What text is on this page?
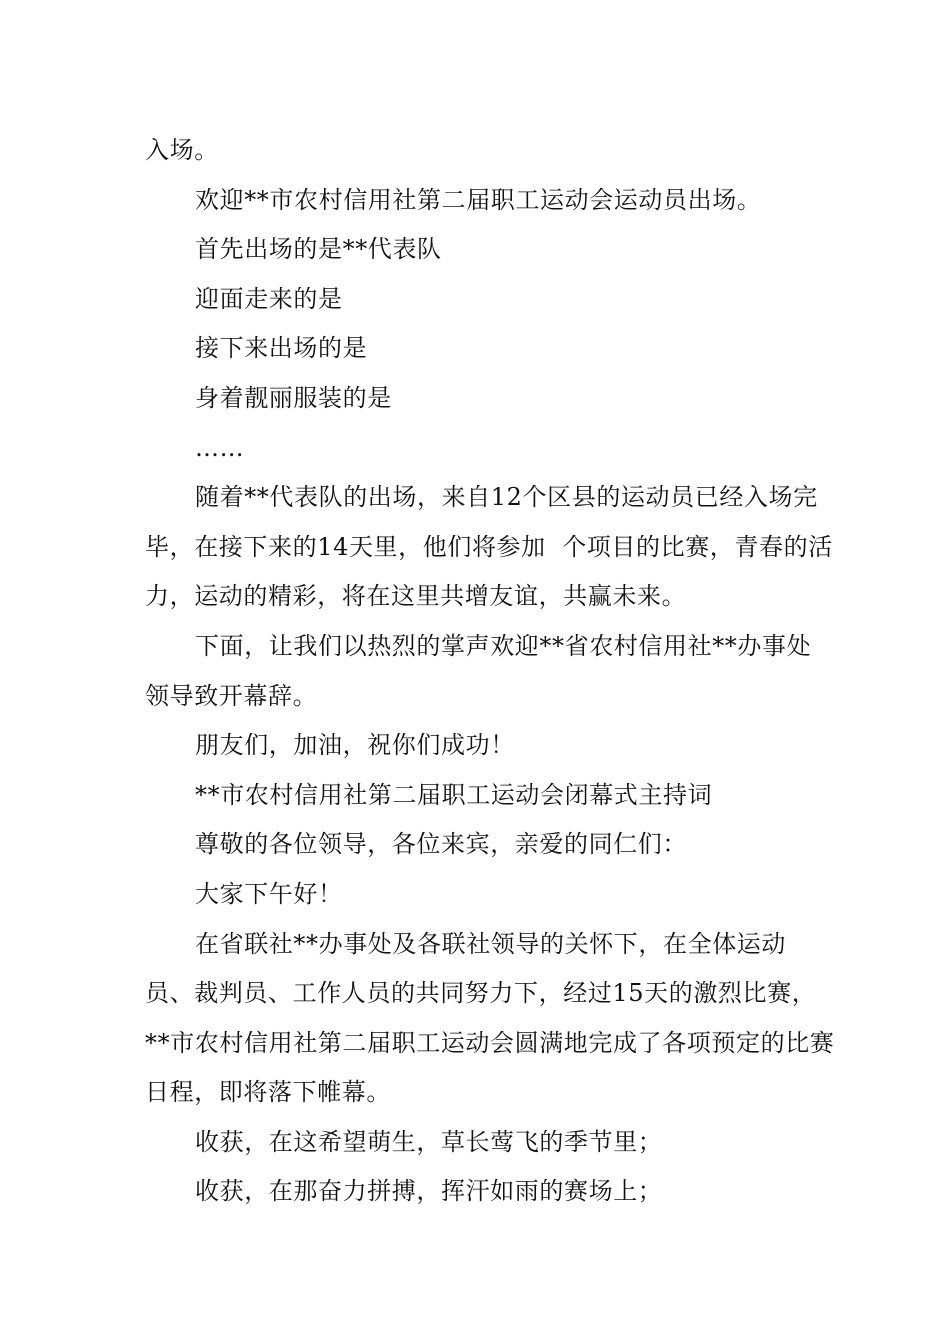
入场。

欢迎**市农村信用社第二届职工运动会运动员出场。

首先出场的是**代表队

迎面走来的是

接下来出场的是

身着靓丽服装的是

……

随着**代表队的出场，来自12个区县的运动员已经入场完毕，在接下来的14天里，他们将参加  个项目的比赛，青春的活力，运动的精彩，将在这里共增友谊，共赢未来。

下面，让我们以热烈的掌声欢迎**省农村信用社**办事处领导致开幕辞。

朋友们，加油，祝你们成功！

**市农村信用社第二届职工运动会闭幕式主持词

尊敬的各位领导，各位来宾，亲爱的同仁们：

大家下午好！

在省联社**办事处及各联社领导的关怀下，在全体运动员、裁判员、工作人员的共同努力下，经过15天的激烈比赛，**市农村信用社第二届职工运动会圆满地完成了各项预定的比赛日程，即将落下帷幕。

收获，在这希望萌生，草长莺飞的季节里；

收获，在那奋力拼搏，挥汗如雨的赛场上；
